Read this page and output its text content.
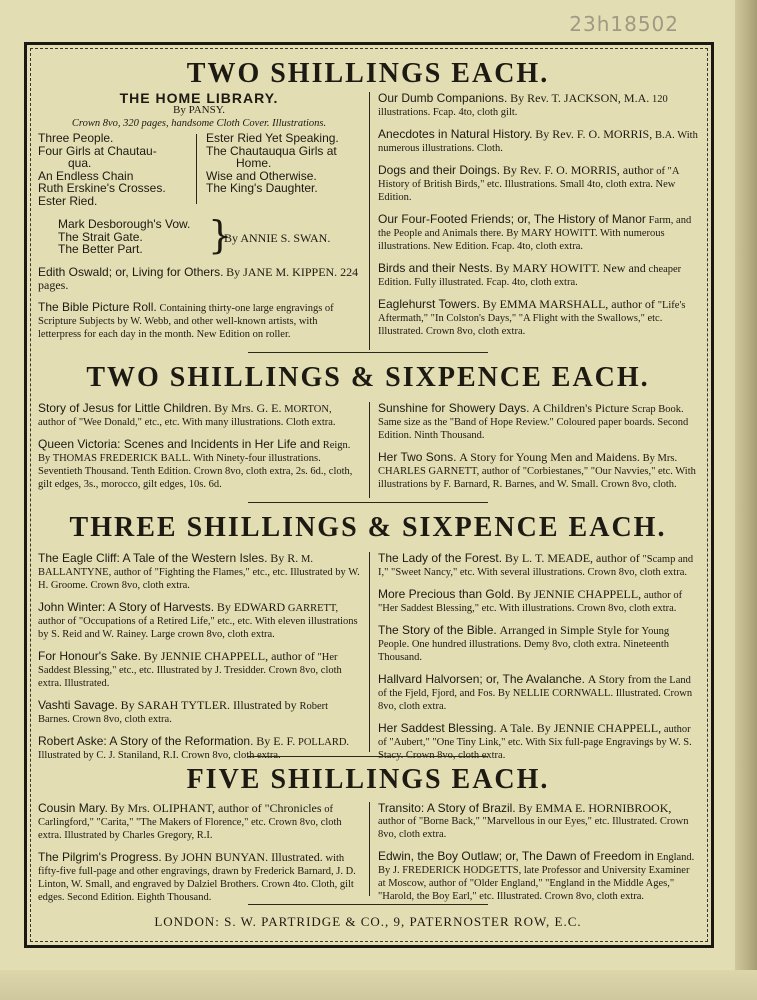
23h18502
TWO SHILLINGS EACH.
THE HOME LIBRARY.
By PANSY.
Crown 8vo, 320 pages, handsome Cloth Cover. Illustrations.
Three People.
Four Girls at Chautau-
qua.
An Endless Chain
Ruth Erskine's Crosses.
Ester Ried.
Ester Ried Yet Speaking.
The Chautauqua Girls at
Home.
Wise and Otherwise.
The King's Daughter.
Mark Desborough's Vow.
The Strait Gate.
The Better Part.	}
By ANNIE S. SWAN.
Edith Oswald; or, Living for Others. By JANE M. KIPPEN. 224 pages.
The Bible Picture Roll. Containing thirty-one large engravings of Scripture Subjects by W. Webb, and other well-known artists, with letterpress for each day in the month. New Edition on roller.
Our Dumb Companions. By Rev. T. JACKSON, M.A. 120 illustrations. Fcap. 4to, cloth gilt.
Anecdotes in Natural History. By Rev. F. O. MORRIS, B.A. With numerous illustrations. Cloth.
Dogs and their Doings. By Rev. F. O. MORRIS, author of "A History of British Birds," etc. Illustrations. Small 4to, cloth extra. New Edition.
Our Four-Footed Friends; or, The History of Manor Farm, and the People and Animals there. By MARY HOWITT. With numerous illustrations. New Edition. Fcap. 4to, cloth extra.
Birds and their Nests. By MARY HOWITT. New and cheaper Edition. Fully illustrated. Fcap. 4to, cloth extra.
Eaglehurst Towers. By EMMA MARSHALL, author of "Life's Aftermath," "In Colston's Days," "A Flight with the Swallows," etc. Illustrated. Crown 8vo, cloth extra.
TWO SHILLINGS & SIXPENCE EACH.
Story of Jesus for Little Children. By Mrs. G. E. MORTON, author of "Wee Donald," etc., etc. With many illustrations. Cloth extra.
Queen Victoria: Scenes and Incidents in Her Life and Reign. By THOMAS FREDERICK BALL. With Ninety-four illustrations. Seventieth Thousand. Tenth Edition. Crown 8vo, cloth extra, 2s. 6d., cloth, gilt edges, 3s., morocco, gilt edges, 10s. 6d.
Sunshine for Showery Days. A Children's Picture Scrap Book. Same size as the "Band of Hope Review." Coloured paper boards. Second Edition. Ninth Thousand.
Her Two Sons. A Story for Young Men and Maidens. By Mrs. CHARLES GARNETT, author of "Corbiestanes," "Our Navvies," etc. With illustrations by F. Barnard, R. Barnes, and W. Small. Crown 8vo, cloth.
THREE SHILLINGS & SIXPENCE EACH.
The Eagle Cliff: A Tale of the Western Isles. By R. M. BALLANTYNE, author of "Fighting the Flames," etc., etc. Illustrated by W. H. Groome. Crown 8vo, cloth extra.
John Winter: A Story of Harvests. By EDWARD GARRETT, author of "Occupations of a Retired Life," etc., etc. With eleven illustrations by S. Reid and W. Rainey. Large crown 8vo, cloth extra.
For Honour's Sake. By JENNIE CHAPPELL, author of "Her Saddest Blessing," etc., etc. Illustrated by J. Tresidder. Crown 8vo, cloth extra. Illustrated.
Vashti Savage. By SARAH TYTLER. Illustrated by Robert Barnes. Crown 8vo, cloth extra.
Robert Aske: A Story of the Reformation. By E. F. POLLARD. Illustrated by C. J. Staniland, R.I. Crown 8vo, cloth extra.
The Lady of the Forest. By L. T. MEADE, author of "Scamp and I," "Sweet Nancy," etc. With several illustrations. Crown 8vo, cloth extra.
More Precious than Gold. By JENNIE CHAPPELL, author of "Her Saddest Blessing," etc. With illustrations. Crown 8vo, cloth extra.
The Story of the Bible. Arranged in Simple Style for Young People. One hundred illustrations. Demy 8vo, cloth extra. Nineteenth Thousand.
Hallvard Halvorsen; or, The Avalanche. A Story from the Land of the Fjeld, Fjord, and Fos. By NELLIE CORNWALL. Illustrated. Crown 8vo, cloth extra.
Her Saddest Blessing. A Tale. By JENNIE CHAPPELL, author of "Aubert," "One Tiny Link," etc. With Six full-page Engravings by W. S. Stacy. Crown 8vo, cloth extra.
FIVE SHILLINGS EACH.
Cousin Mary. By Mrs. OLIPHANT, author of "Chronicles of Carlingford," "Carita," "The Makers of Florence," etc. Crown 8vo, cloth extra. Illustrated by Charles Gregory, R.I.
The Pilgrim's Progress. By JOHN BUNYAN. Illustrated. with fifty-five full-page and other engravings, drawn by Frederick Barnard, J. D. Linton, W. Small, and engraved by Dalziel Brothers. Crown 4to. Cloth, gilt edges. Second Edition. Eighth Thousand.
Transito: A Story of Brazil. By EMMA E. HORNIBROOK, author of "Borne Back," "Marvellous in our Eyes," etc. Illustrated. Crown 8vo, cloth extra.
Edwin, the Boy Outlaw; or, The Dawn of Freedom in England. By J. FREDERICK HODGETTS, late Professor and University Examiner at Moscow, author of "Older England," "England in the Middle Ages," "Harold, the Boy Earl," etc. Illustrated. Crown 8vo, cloth extra.
LONDON: S. W. PARTRIDGE & CO., 9, PATERNOSTER ROW, E.C.
